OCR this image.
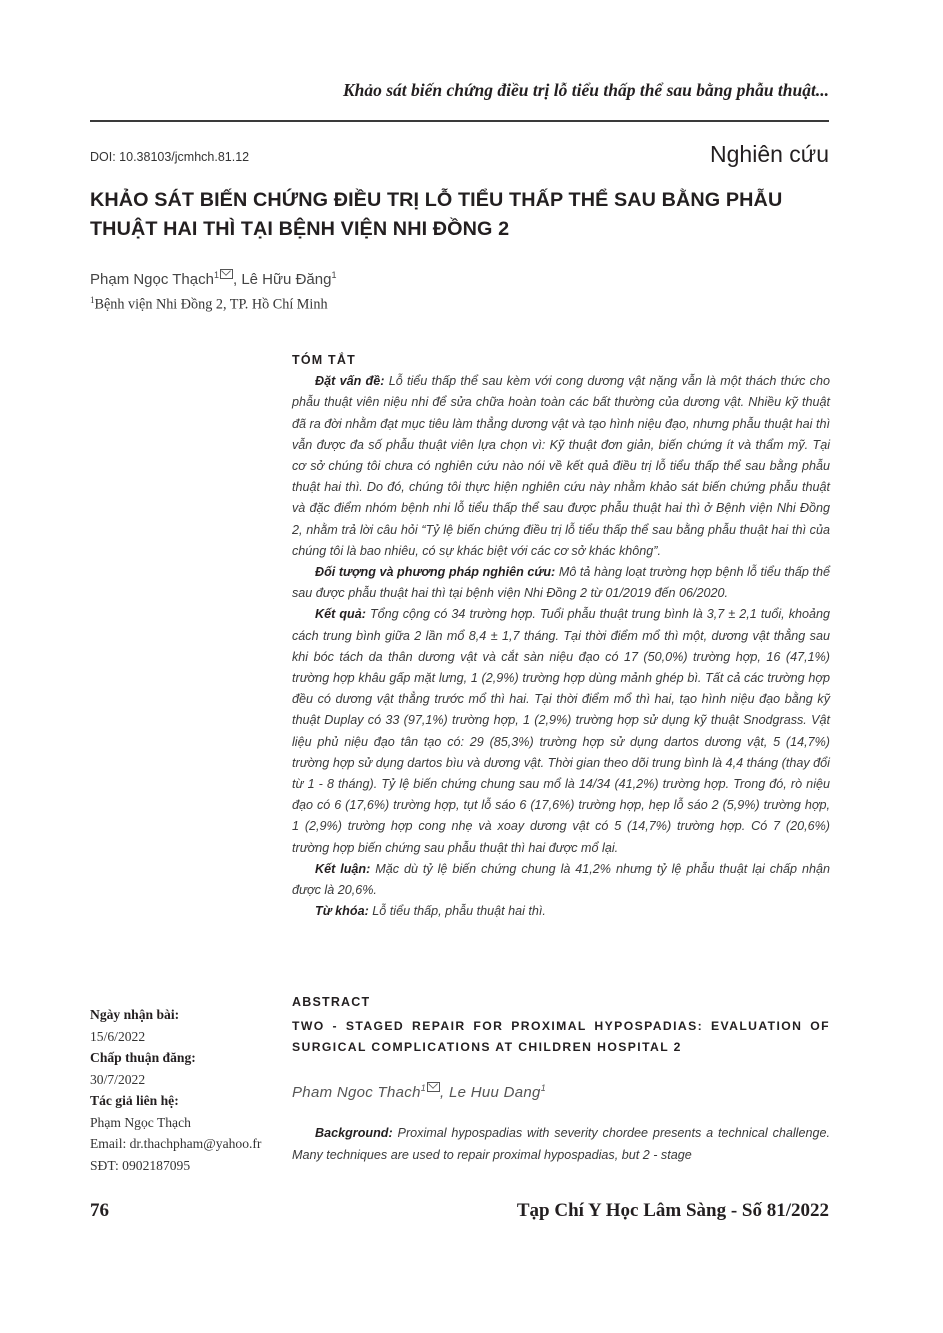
Khảo sát biến chứng điều trị lỗ tiểu thấp thể sau bằng phẫu thuật...
DOI: 10.38103/jcmhch.81.12	Nghiên cứu
KHẢO SÁT BIẾN CHỨNG ĐIỀU TRỊ LỖ TIỂU THẤP THỂ SAU BẰNG PHẪU THUẬT HAI THÌ TẠI BỆNH VIỆN NHI ĐỒNG 2
Phạm Ngọc Thạch$^1$ , Lê Hữu Đăng$^1$
$^1$Bệnh viện Nhi Đồng 2, TP. Hồ Chí Minh

TÓM TẮT

Đặt vấn đề: Lỗ tiểu thấp thể sau kèm với cong dương vật nặng vẫn là một thách thức cho phẫu thuật viên niệu nhi để sửa chữa hoàn toàn các bất thường của dương vật. Nhiều kỹ thuật đã ra đời nhằm đạt mục tiêu làm thẳng dương vật và tạo hình niệu đạo, nhưng phẫu thuật hai thì vẫn được đa số phẫu thuật viên lựa chọn vì: Kỹ thuật đơn giản, biến chứng ít và thẩm mỹ. Tại cơ sở chúng tôi chưa có nghiên cứu nào nói về kết quả điều trị lỗ tiểu thấp thể sau bằng phẫu thuật hai thì. Do đó, chúng tôi thực hiện nghiên cứu này nhằm khảo sát biến chứng phẫu thuật và đặc điểm nhóm bệnh nhi lỗ tiểu thấp thể sau được phẫu thuật hai thì ở Bệnh viện Nhi Đồng 2, nhằm trả lời câu hỏi “Tỷ lệ biến chứng điều trị lỗ tiểu thấp thể sau bằng phẫu thuật hai thì của chúng tôi là bao nhiêu, có sự khác biệt với các cơ sở khác không”.

Đối tượng và phương pháp nghiên cứu: Mô tả hàng loạt trường hợp bệnh lỗ tiểu thấp thể sau được phẫu thuật hai thì tại bệnh viện Nhi Đồng 2 từ 01/2019 đến 06/2020.

Kết quả: Tổng cộng có 34 trường hợp. Tuổi phẫu thuật trung bình là 3,7 ± 2,1 tuổi, khoảng cách trung bình giữa 2 lần mổ 8,4 ± 1,7 tháng. Tại thời điểm mổ thì một, dương vật thẳng sau khi bóc tách da thân dương vật và cắt sàn niệu đạo có 17 (50,0%) trường hợp, 16 (47,1%) trường hợp khâu gấp mặt lưng, 1 (2,9%) trường hợp dùng mảnh ghép bì. Tất cả các trường hợp đều có dương vật thẳng trước mổ thì hai. Tại thời điểm mổ thì hai, tạo hình niệu đạo bằng kỹ thuật Duplay có 33 (97,1%) trường hợp, 1 (2,9%) trường hợp sử dụng kỹ thuật Snodgrass. Vật liệu phủ niệu đạo tân tạo có: 29 (85,3%) trường hợp sử dụng dartos dương vật, 5 (14,7%) trường hợp sử dụng dartos bìu và dương vật. Thời gian theo dõi trung bình là 4,4 tháng (thay đổi từ 1 - 8 tháng). Tỷ lệ biến chứng chung sau mổ là 14/34 (41,2%) trường hợp. Trong đó, rò niệu đạo có 6 (17,6%) trường hợp, tụt lỗ sáo 6 (17,6%) trường hợp, hẹp lỗ sáo 2 (5,9%) trường hợp, 1 (2,9%) trường hợp cong nhẹ và xoay dương vật có 5 (14,7%) trường hợp. Có 7 (20,6%) trường hợp biến chứng sau phẫu thuật thì hai được mổ lại.

Kết luận: Mặc dù tỷ lệ biến chứng chung là 41,2% nhưng tỷ lệ phẫu thuật lại chấp nhận được là 20,6%.

Từ khóa: Lỗ tiểu thấp, phẫu thuật hai thì.

ABSTRACT

TWO - STAGED REPAIR FOR PROXIMAL HYPOSPADIAS: EVALUATION OF SURGICAL COMPLICATIONS AT CHILDREN HOSPITAL 2

Pham Ngoc Thach$^1$ , Le Huu Dang$^1$

Background: Proximal hypospadias with severity chordee presents a technical challenge. Many techniques are used to repair proximal hypospadias, but 2 - stage

Ngày nhận bài:
15/6/2022
Chấp thuận đăng:
30/7/2022
Tác giả liên hệ:
Phạm Ngọc Thạch
Email: dr.thachpham@yahoo.fr
SĐT: 0902187095
76	Tạp Chí Y Học Lâm Sàng - Số 81/2022
